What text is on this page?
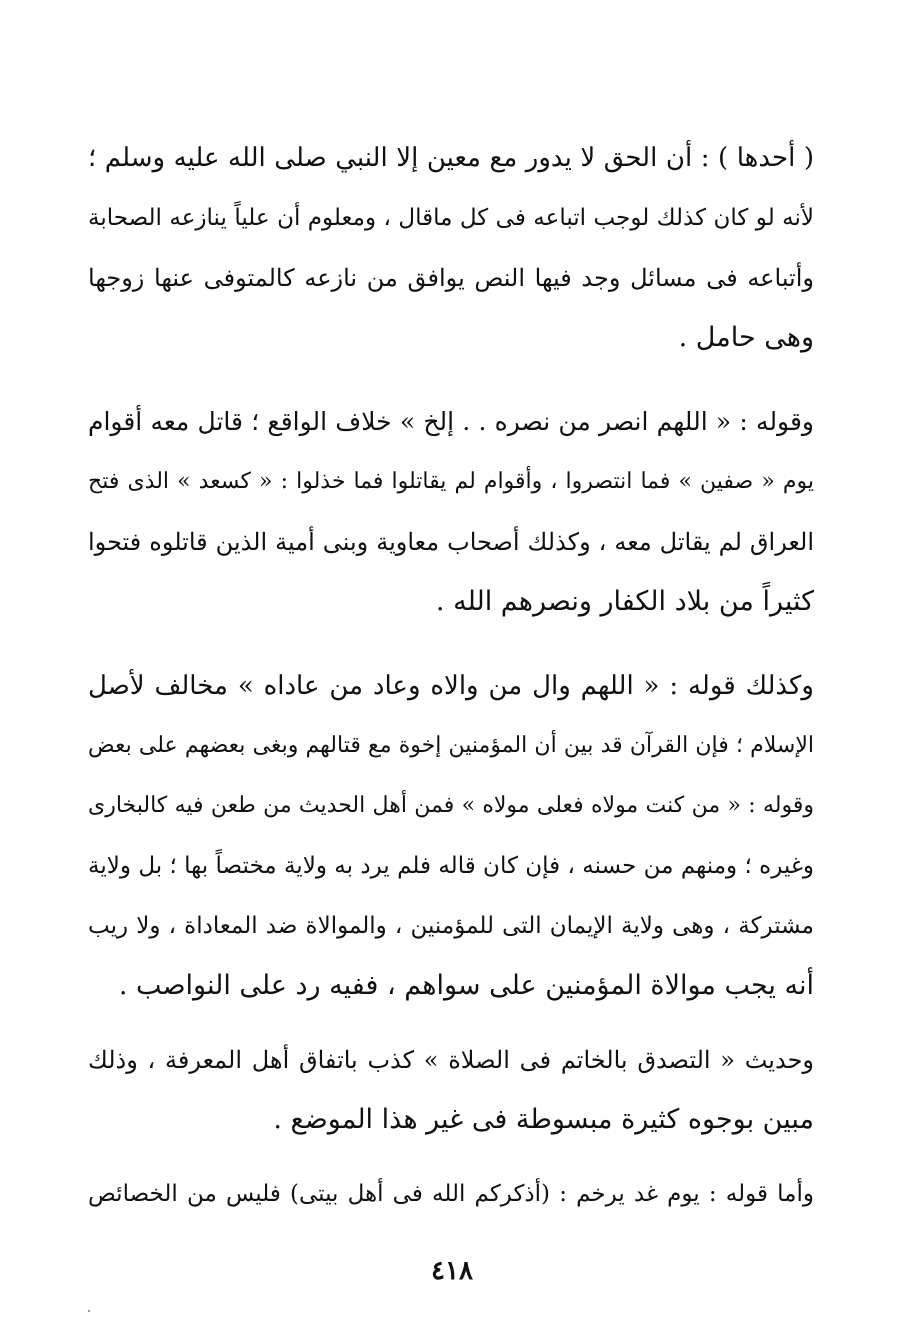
( أحدها ) : أن الحق لا يدور مع معين إلا النبي صلى الله عليه وسلم ؛
لأنه لو كان كذلك لوجب اتباعه فى كل ماقال ، ومعلوم أن علياً ينازعه الصحابة
وأتباعه فى مسائل وجد فيها النص يوافق من نازعه كالمتوفى عنها زوجها
وهى حامل .
وقوله : « اللهم انصر من نصره . . إلخ » خلاف الواقع ؛ قاتل معه أقوام
يوم « صفين » فما انتصروا ، وأقوام لم يقاتلوا فما خذلوا : « كسعد » الذى فتح
العراق لم يقاتل معه ، وكذلك أصحاب معاوية وبنى أمية الذين قاتلوه فتحوا
كثيراً من بلاد الكفار ونصرهم الله .
وكذلك قوله : « اللهم وال من والاه وعاد من عاداه » مخالف لأصل
الإسلام ؛ فإن القرآن قد بين أن المؤمنين إخوة مع قتالهم وبغى بعضهم على بعض
وقوله : « من كنت مولاه فعلى مولاه » فمن أهل الحديث من طعن فيه كالبخارى
وغيره ؛ ومنهم من حسنه ، فإن كان قاله فلم يرد به ولاية مختصاً بها ؛ بل ولاية
مشتركة ، وهى ولاية الإيمان التى للمؤمنين ، والموالاة ضد المعاداة ، ولا ريب
أنه يجب موالاة المؤمنين على سواهم ، ففيه رد على النواصب .
وحديث « التصدق بالخاتم فى الصلاة » كذب باتفاق أهل المعرفة ، وذلك
مبين بوجوه كثيرة مبسوطة فى غير هذا الموضع .
وأما قوله : يوم غد يرخم : (أذكركم الله فى أهل بيتى) فليس من الخصائص
٤١٨
